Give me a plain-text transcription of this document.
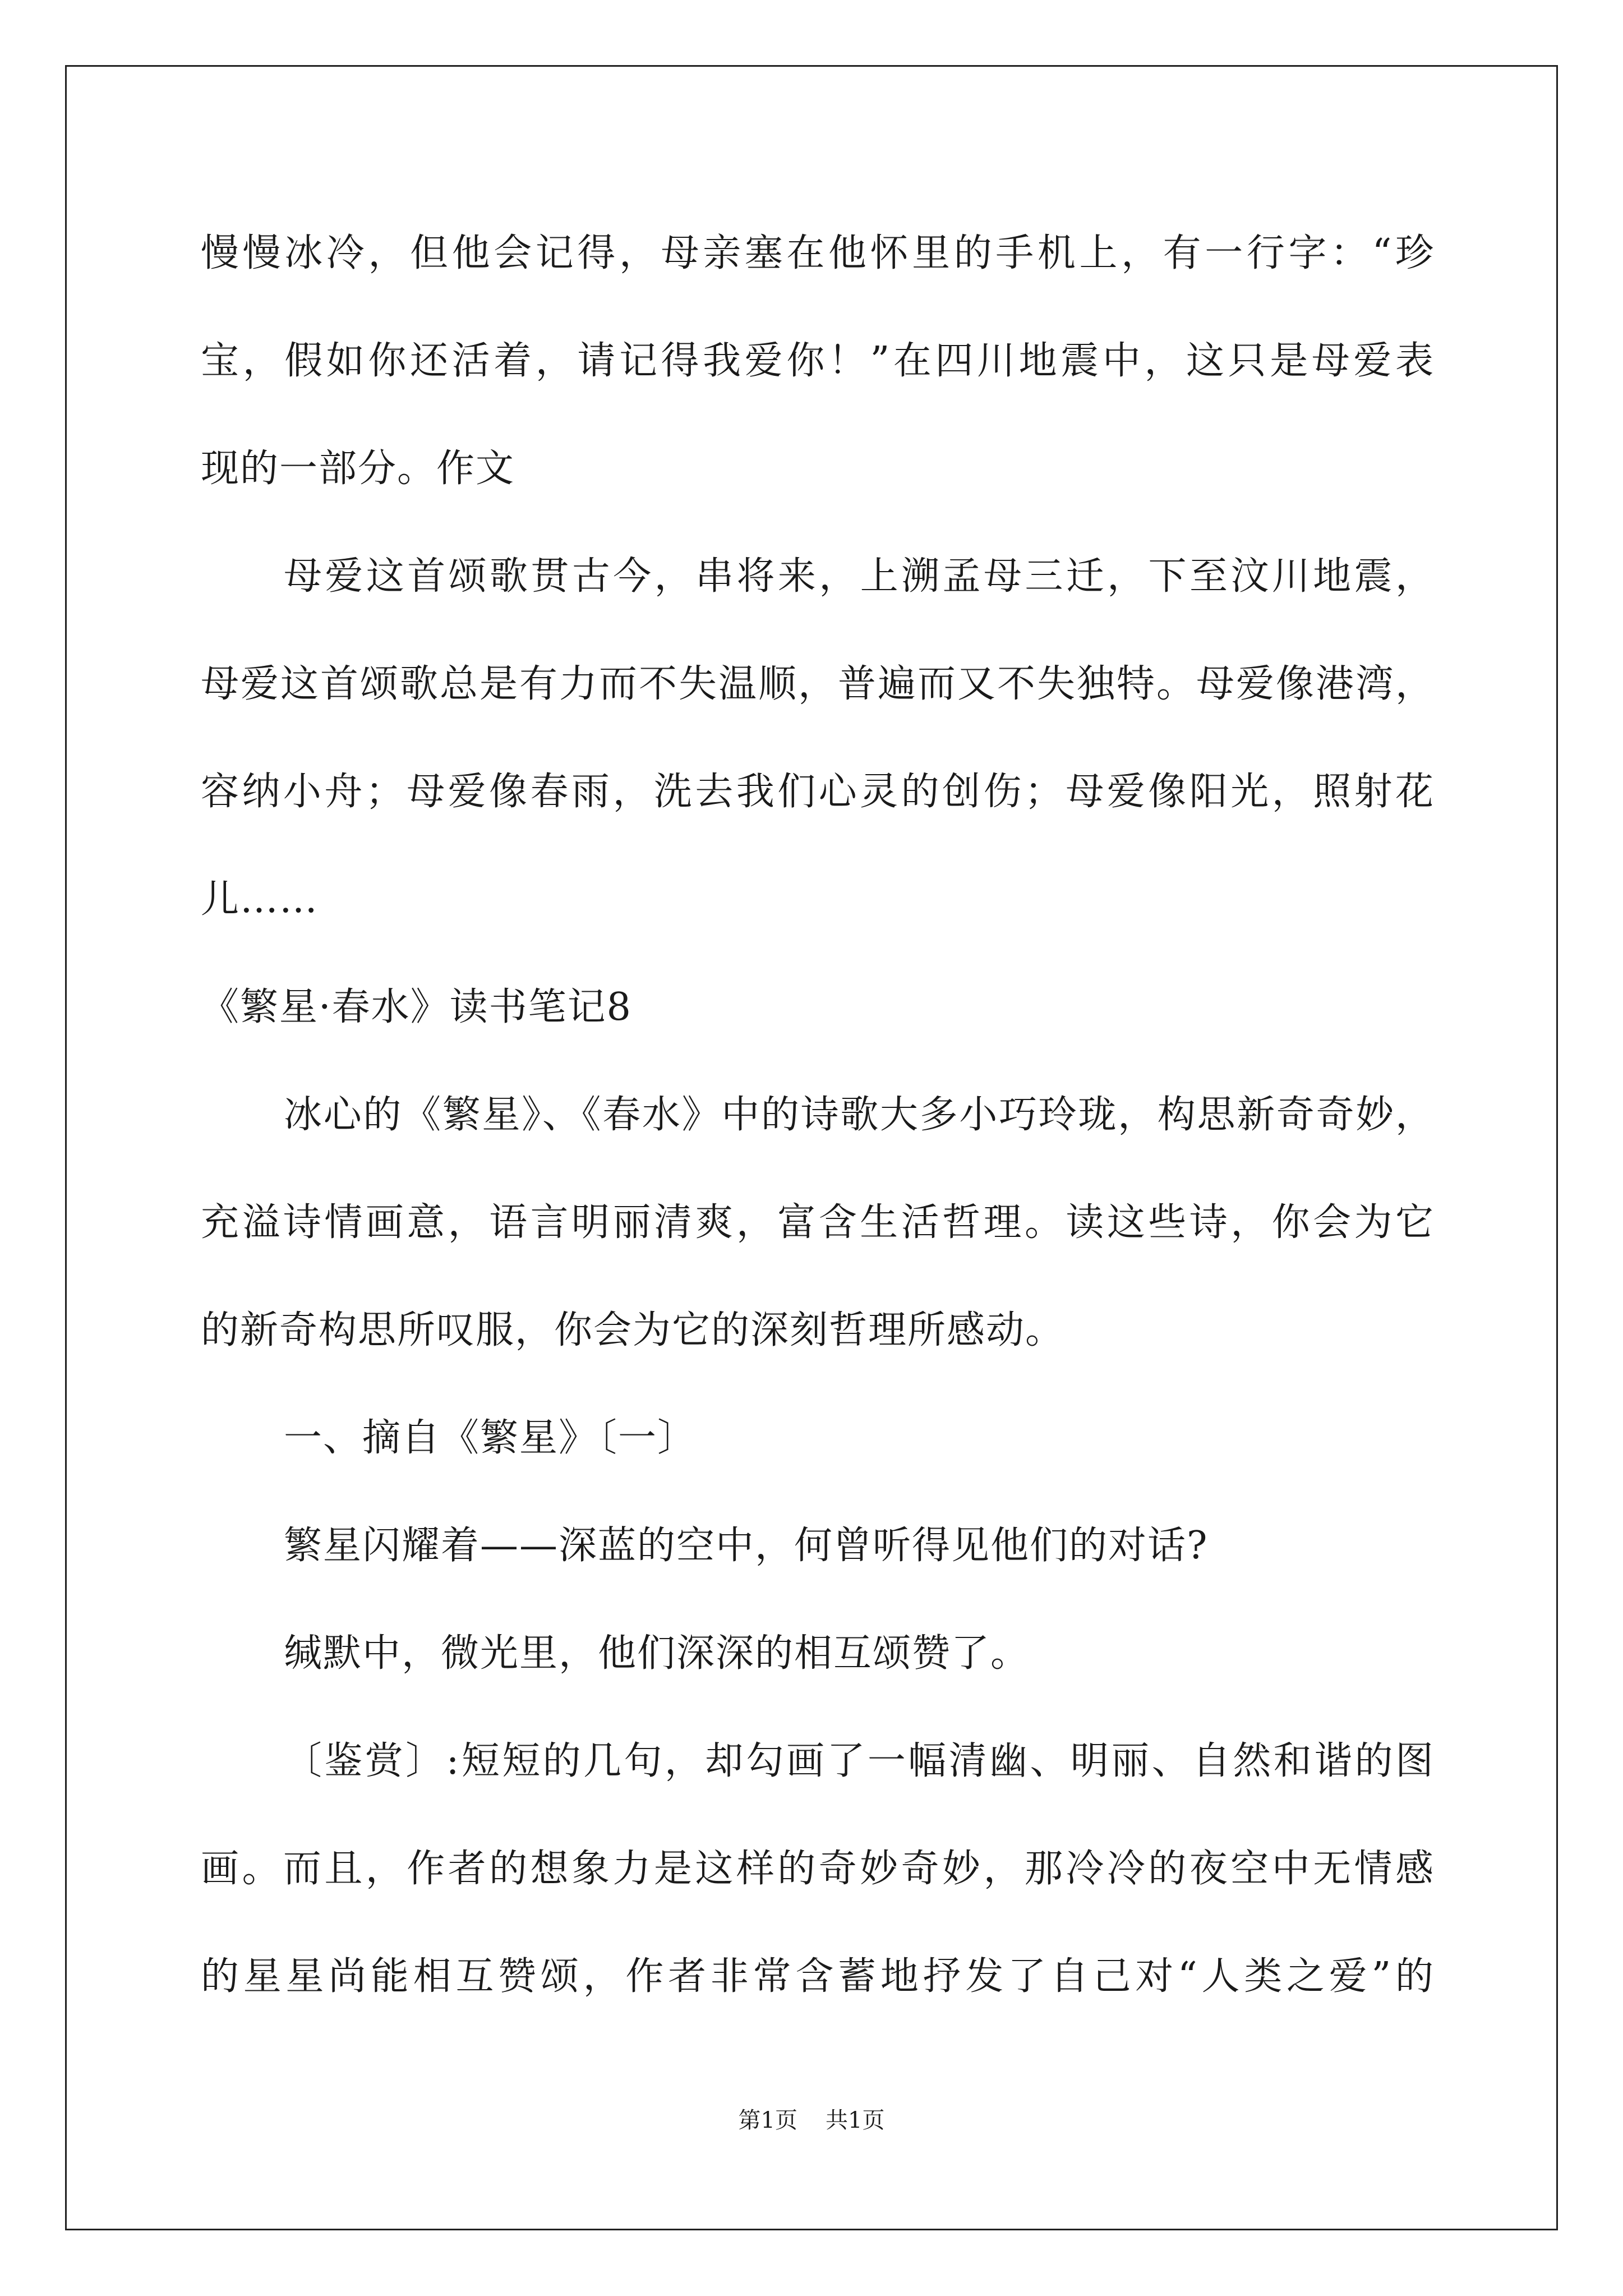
慢慢冰冷，但他会记得，母亲塞在他怀里的手机上，有一行字：“珍
宝，假如你还活着，请记得我爱你！”在四川地震中，这只是母爱表
现的一部分。作文
母爱这首颂歌贯古今，串将来，上溯孟母三迁，下至汶川地震，
母爱这首颂歌总是有力而不失温顺，普遍而又不失独特。母爱像港湾，
容纳小舟；母爱像春雨，洗去我们心灵的创伤；母爱像阳光，照射花
儿……
《繁星·春水》读书笔记8
冰心的《繁星》、《春水》中的诗歌大多小巧玲珑，构思新奇奇妙，
充溢诗情画意，语言明丽清爽，富含生活哲理。读这些诗，你会为它
的新奇构思所叹服，你会为它的深刻哲理所感动。
一、摘自《繁星》〔一〕
繁星闪耀着——深蓝的空中，何曾听得见他们的对话?
缄默中，微光里，他们深深的相互颂赞了。
〔鉴赏〕:短短的几句，却勾画了一幅清幽、明丽、自然和谐的图
画。而且，作者的想象力是这样的奇妙奇妙，那冷冷的夜空中无情感
的星星尚能相互赞颂，作者非常含蓄地抒发了自己对“人类之爱”的
第1页 共1页
